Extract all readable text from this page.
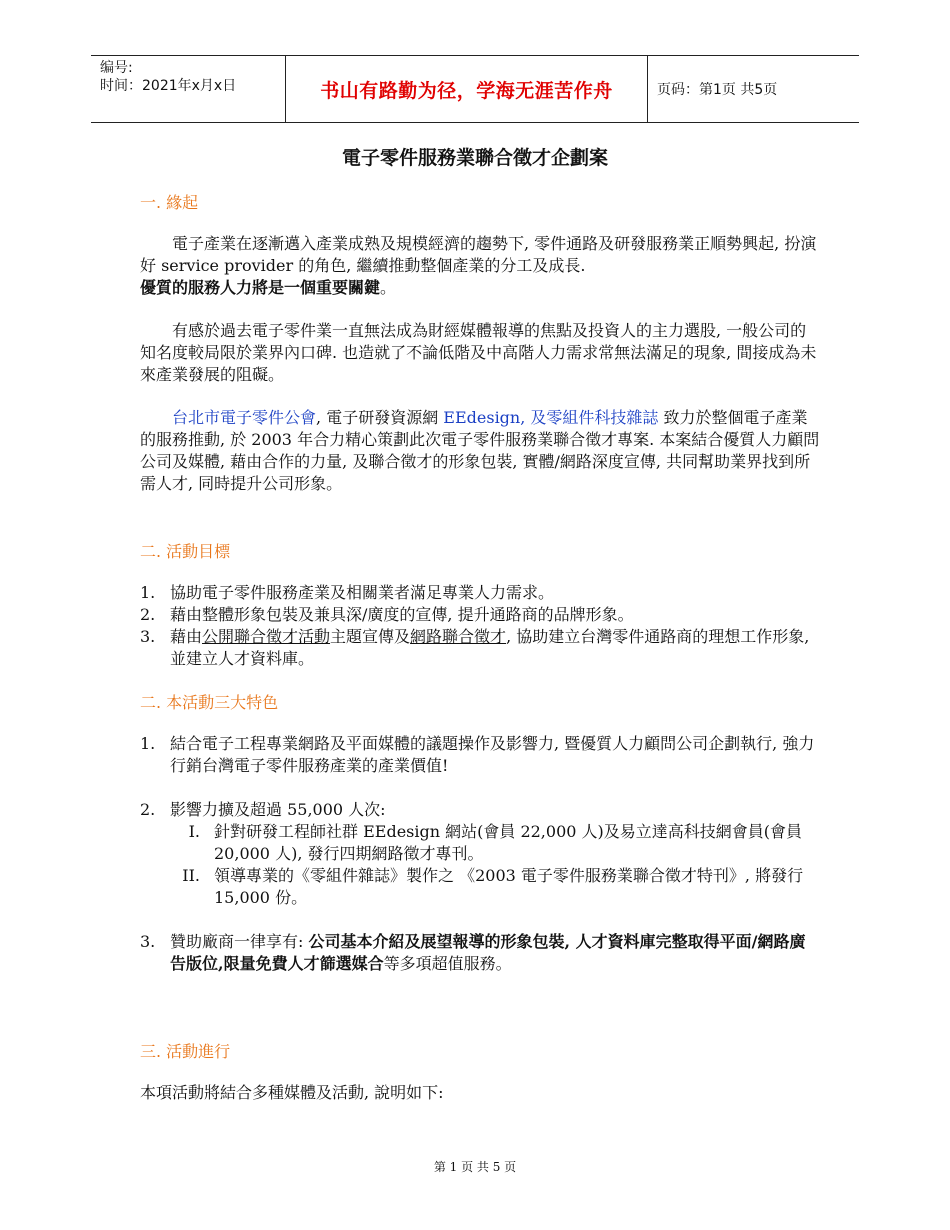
编号:
时间：2021年x月x日	书山有路勤为径，学海无涯苦作舟	页码：第1页 共5页
電子零件服務業聯合徵才企劃案
一. 緣起
電子產業在逐漸邁入產業成熟及規模經濟的趨勢下, 零件通路及研發服務業正順勢興起, 扮演好 service provider 的角色, 繼續推動整個產業的分工及成長.
優質的服務人力將是一個重要關鍵。
有感於過去電子零件業一直無法成為財經媒體報導的焦點及投資人的主力選股, 一般公司的知名度較局限於業界內口碑. 也造就了不論低階及中高階人力需求常無法滿足的現象, 間接成為未來產業發展的阻礙。
台北市電子零件公會, 電子研發資源網 EEdesign, 及零組件科技雜誌 致力於整個電子產業的服務推動, 於 2003 年合力精心策劃此次電子零件服務業聯合徵才專案. 本案結合優質人力顧問公司及媒體, 藉由合作的力量, 及聯合徵才的形象包裝, 實體/網路深度宣傳, 共同幫助業界找到所需人才, 同時提升公司形象。
二. 活動目標
1. 協助電子零件服務產業及相關業者滿足專業人力需求。
2. 藉由整體形象包裝及兼具深/廣度的宣傳, 提升通路商的品牌形象。
3. 藉由公開聯合徵才活動主題宣傳及網路聯合徵才, 協助建立台灣零件通路商的理想工作形象, 並建立人才資料庫。
二. 本活動三大特色
1. 結合電子工程專業網路及平面媒體的議題操作及影響力, 暨優質人力顧問公司企劃執行, 強力行銷台灣電子零件服務產業的產業價值!
2. 影響力擴及超過 55,000 人次:
I. 針對研發工程師社群 EEdesign 網站(會員 22,000 人)及易立達高科技網會員(會員 20,000 人), 發行四期網路徵才專刊。
II. 領導專業的《零組件雜誌》製作之 《2003 電子零件服務業聯合徵才特刊》, 將發行 15,000 份。
3. 贊助廠商一律享有: 公司基本介紹及展望報導的形象包裝, 人才資料庫完整取得平面/網路廣告版位,限量免費人才篩選媒合等多項超值服務。
三. 活動進行
本項活動將結合多種媒體及活動, 說明如下:
第 1 页 共 5 页
